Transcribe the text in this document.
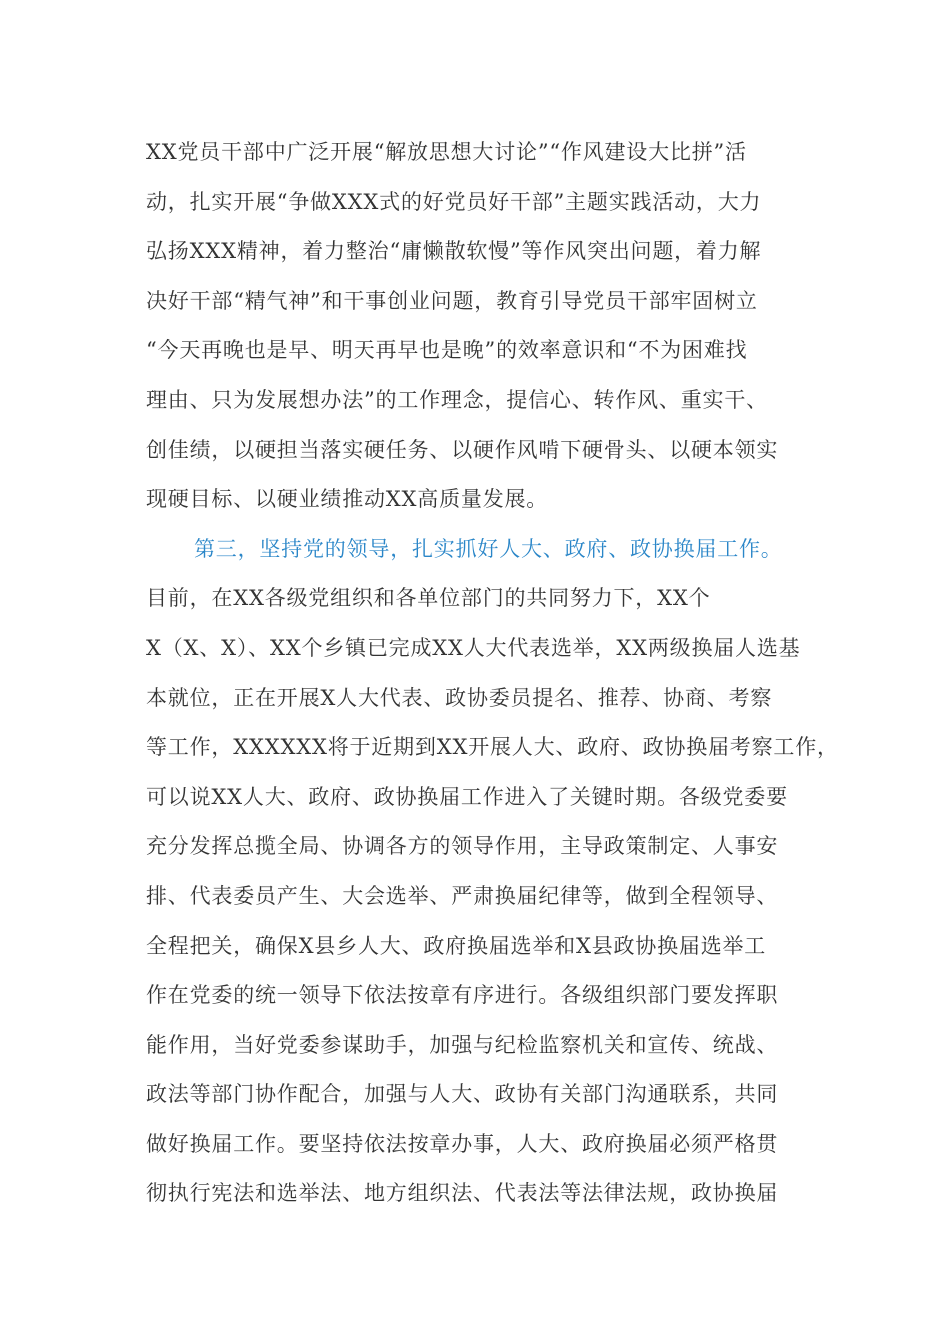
XX党员干部中广泛开展“解放思想大讨论”“作风建设大比拼”活
动，扎实开展“争做XXX式的好党员好干部”主题实践活动，大力
弘扬XXX精神，着力整治“庸懒散软慢”等作风突出问题，着力解
决好干部“精气神”和干事创业问题，教育引导党员干部牢固树立
“今天再晚也是早、明天再早也是晚”的效率意识和“不为困难找
理由、只为发展想办法”的工作理念，提信心、转作风、重实干、
创佳绩，以硬担当落实硬任务、以硬作风啃下硬骨头、以硬本领实
现硬目标、以硬业绩推动XX高质量发展。
第三，坚持党的领导，扎实抓好人大、政府、政协换届工作。
目前，在XX各级党组织和各单位部门的共同努力下，XX个
X（X、X）、XX个乡镇已完成XX人大代表选举，XX两级换届人选基
本就位，正在开展X人大代表、政协委员提名、推荐、协商、考察
等工作，XXXXXX将于近期到XX开展人大、政府、政协换届考察工作，
可以说XX人大、政府、政协换届工作进入了关键时期。各级党委要
充分发挥总揽全局、协调各方的领导作用，主导政策制定、人事安
排、代表委员产生、大会选举、严肃换届纪律等，做到全程领导、
全程把关，确保X县乡人大、政府换届选举和X县政协换届选举工
作在党委的统一领导下依法按章有序进行。各级组织部门要发挥职
能作用，当好党委参谋助手，加强与纪检监察机关和宣传、统战、
政法等部门协作配合，加强与人大、政协有关部门沟通联系，共同
做好换届工作。要坚持依法按章办事，人大、政府换届必须严格贯
彻执行宪法和选举法、地方组织法、代表法等法律法规，政协换届
